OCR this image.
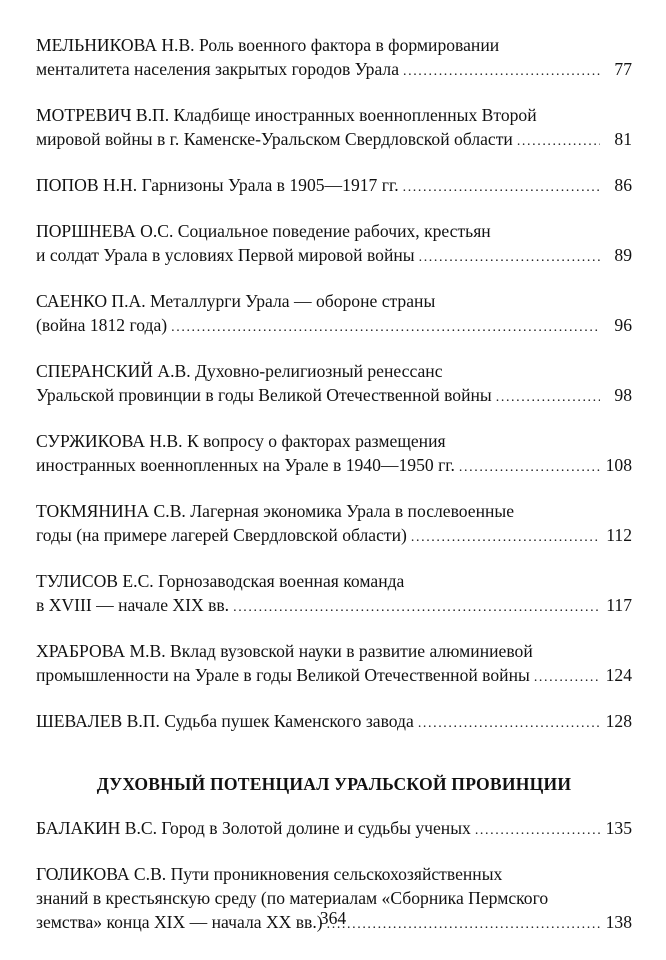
МЕЛЬНИКОВА Н.В. Роль военного фактора в формировании
менталитета населения закрытых городов Урала .....	77
МОТРЕВИЧ В.П. Кладбище иностранных военнопленных Второй
мировой войны в г. Каменске-Уральском Свердловской области .....	81
ПОПОВ Н.Н. Гарнизоны Урала в 1905—1917 гг. .....	86
ПОРШНЕВА О.С. Социальное поведение рабочих, крестьян
и солдат Урала в условиях Первой мировой войны .....	89
САЕНКО П.А. Металлурги Урала — обороне страны
(война 1812 года) .....	96
СПЕРАНСКИЙ А.В. Духовно-религиозный ренессанс
Уральской провинции в годы Великой Отечественной войны .....	98
СУРЖИКОВА Н.В. К вопросу о факторах размещения
иностранных военнопленных на Урале в 1940—1950 гг. .....	108
ТОКМЯНИНА С.В. Лагерная экономика Урала в послевоенные
годы (на примере лагерей Свердловской области) .....	112
ТУЛИСОВ Е.С. Горнозаводская военная команда
в XVIII — начале XIX вв. .....	117
ХРАБРОВА М.В. Вклад вузовской науки в развитие алюминиевой
промышленности на Урале в годы Великой Отечественной войны .....	124
ШЕВАЛЕВ В.П. Судьба пушек Каменского завода .....	128
ДУХОВНЫЙ ПОТЕНЦИАЛ УРАЛЬСКОЙ ПРОВИНЦИИ
БАЛАКИН В.С. Город в Золотой долине и судьбы ученых .....	135
ГОЛИКОВА С.В. Пути проникновения сельскохозяйственных
знаний в крестьянскую среду (по материалам «Сборника Пермского
земства» конца XIX — начала XX вв.) .....	138
364
